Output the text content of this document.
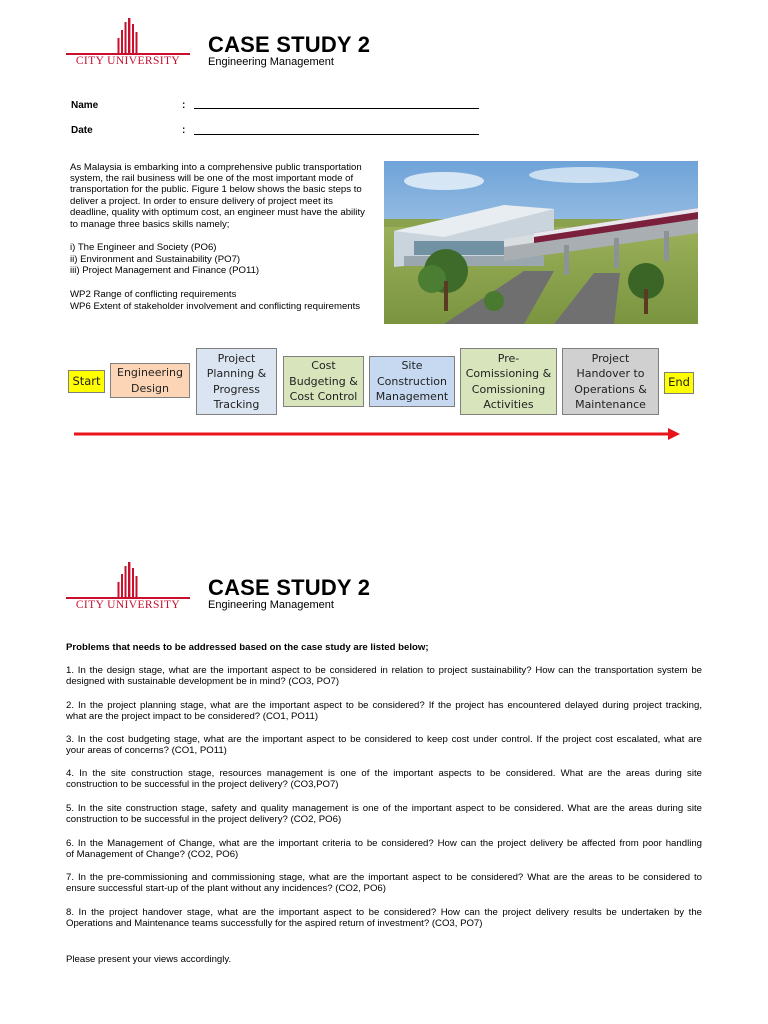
CITY UNIVERSITY
CASE STUDY 2
Engineering Management
Name	:
Date	:
As Malaysia is embarking into a comprehensive public transportation
system, the rail business will be one of the most important mode of
transportation for the public. Figure 1 below shows the basic steps to
deliver a project. In order to ensure delivery of project meet its
deadline, quality with optimum cost, an engineer must have the ability
to manage three basics skills namely;
i) The Engineer and Society (PO6)
ii) Environment and Sustainability (PO7)
iii) Project Management and Finance (PO11)
WP2 Range of conflicting requirements
WP6 Extent of stakeholder involvement and conflicting requirements
Start
Engineering
Design
Project
Planning &
Progress
Tracking
Cost
Budgeting &
Cost Control
Site
Construction
Management
Pre-
Comissioning &
Comissioning
Activities
Project
Handover to
Operations &
Maintenance
End
CITY UNIVERSITY
CASE STUDY 2
Engineering Management
Problems that needs to be addressed based on the case study are listed below;
1. In the design stage, what are the important aspect to be considered in relation to project sustainability? How can the transportation system be
designed with sustainable development be in mind? (CO3, PO7)
2. In the project planning stage, what are the important aspect to be considered? If the project has encountered delayed during project tracking,
what are the project impact to be considered? (CO1, PO11)
3. In the cost budgeting stage, what are the important aspect to be considered to keep cost under control. If the project cost escalated, what are
your areas of concerns? (CO1, PO11)
4. In the site construction stage, resources management is one of the important aspects to be considered. What are the areas during site
construction to be successful in the project delivery? (CO3,PO7)
5. In the site construction stage, safety and quality management is one of the important aspect to be considered. What are the areas during site
construction to be successful in the project delivery? (CO2, PO6)
6. In the Management of Change, what are the important criteria to be considered? How can the project delivery be affected from poor handling
of Management of Change? (CO2, PO6)
7. In the pre-commissioning and commissioning stage, what are the important aspect to be considered? What are the areas to be considered to
ensure successful start-up of the plant without any incidences? (CO2, PO6)
8. In the project handover stage, what are the important aspect to be considered? How can the project delivery results be undertaken by the
Operations and Maintenance teams successfully for the aspired return of investment? (CO3, PO7)
Please present your views accordingly.
